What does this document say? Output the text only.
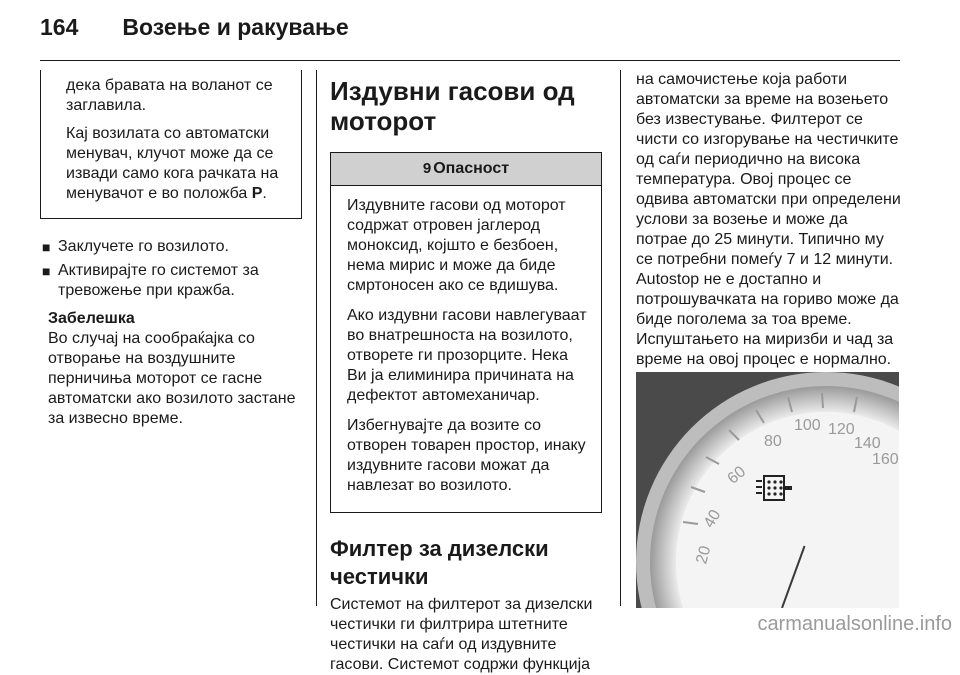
164 Возење и ракување

дека бравата на воланот се заглавила.

Кај возилата со автоматски менувач, клучот може да се извади само кога рачката на менувачот е во положба P.

■ Заклучете го возилото.
■ Активирајте го системот за тревожење при кражба.
Забелешка

Во случај на сообраќајка со отворање на воздушните перничиња моторот се гасне автоматски ако возилото застане за извесно време.

Издувни гасови од моторот
9 Опасност

Издувните гасови од моторот содржат отровен јаглерод моноксид, којшто е безбоен, нема мирис и може да биде смртоносен ако се вдишува.

Ако издувни гасови навлегуваат во внатрешноста на возилото, отворете ги прозорците. Нека Ви ја елиминира причината на дефектот автомеханичар.

Избегнувајте да возите со отворен товарен простор, инаку издувните гасови можат да навлезат во возилото.

Филтер за дизелски честички

Системот на филтерот за дизелски честички ги филтрира штетните честички на саѓи од издувните гасови. Системот содржи функција

на самочистење која работи автоматски за време на возењето без известување. Филтерот се чисти со изгорување на честичките од саѓи периодично на висока температура. Овој процес се одвива автоматски при определени услови за возење и може да потрае до 25 минути. Типично му се потребни помеѓу 7 и 12 минути. Autostop не е достапно и потрошувачката на гориво може да биде поголема за тоа време. Испуштањето на миризби и чад за време на овој процес е нормално.

80
100 120
140
160
40
20
60
carmanualsonline.info
